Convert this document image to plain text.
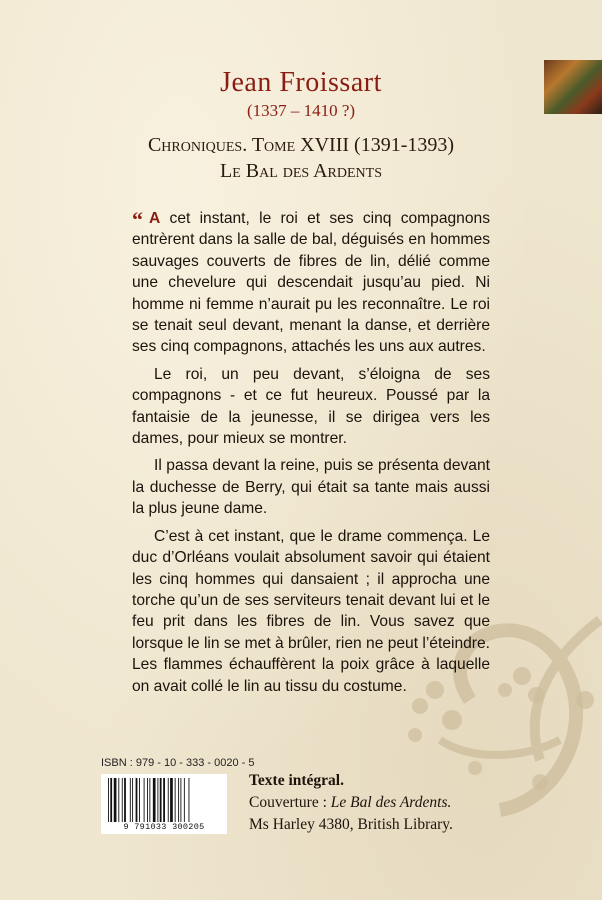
Jean Froissart
(1337 – 1410 ?)
Chroniques. Tome XVIII (1391-1393)
Le Bal des Ardents

“ A cet instant, le roi et ses cinq compagnons entrèrent dans la salle de bal, déguisés en hommes sauvages couverts de fibres de lin, délié comme une chevelure qui descendait jusqu’au pied. Ni homme ni femme n’aurait pu les reconnaître. Le roi se tenait seul devant, menant la danse, et derrière ses cinq compagnons, attachés les uns aux autres.

Le roi, un peu devant, s’éloigna de ses compagnons - et ce fut heureux. Poussé par la fantaisie de la jeunesse, il se dirigea vers les dames, pour mieux se montrer.

Il passa devant la reine, puis se présenta devant la duchesse de Berry, qui était sa tante mais aussi la plus jeune dame.

C’est à cet instant, que le drame commença. Le duc d’Orléans voulait absolument savoir qui étaient les cinq hommes qui dansaient ; il approcha une torche qu’un de ses serviteurs tenait devant lui et le feu prit dans les fibres de lin. Vous savez que lorsque le lin se met à brûler, rien ne peut l’éteindre. Les flammes échauffèrent la poix grâce à laquelle on avait collé le lin au tissu du costume.

ISBN : 979 - 10 - 333 - 0020 - 5
9 791033 300205
Texte intégral.
Couverture : Le Bal des Ardents.
Ms Harley 4380, British Library.
